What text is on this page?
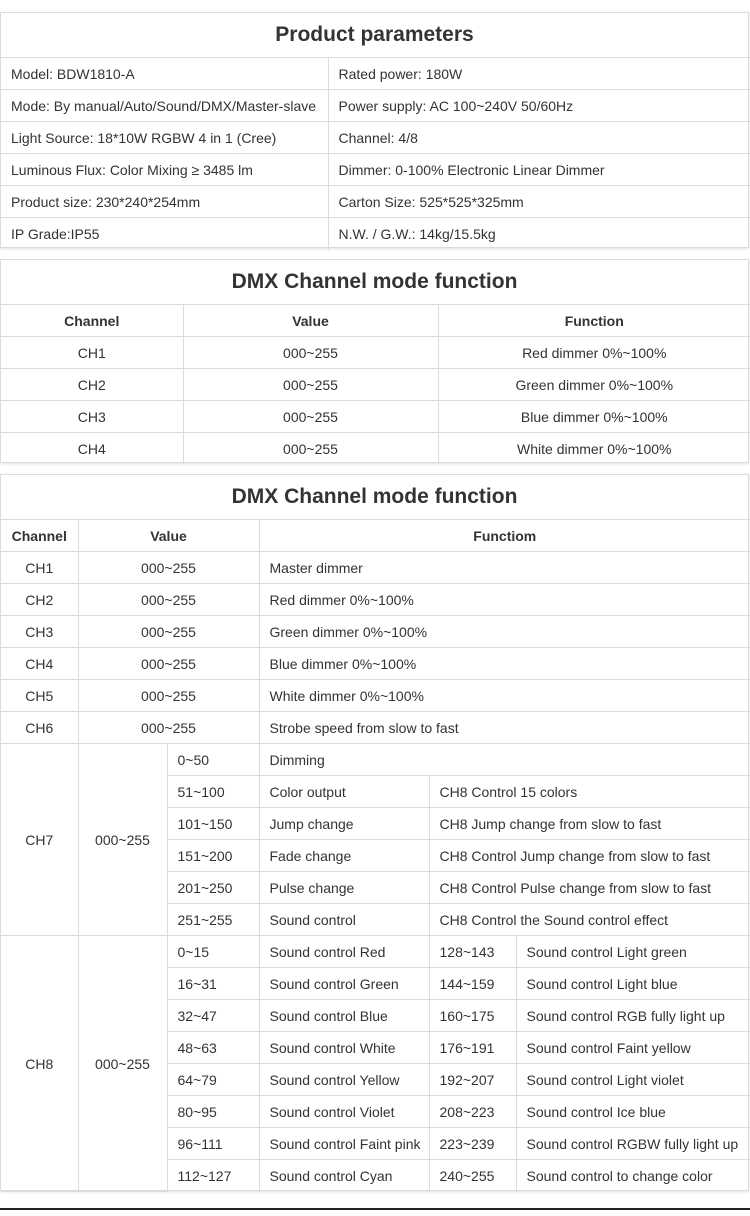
Product parameters
Model: BDW1810-A	Rated power: 180W
Mode: By manual/Auto/Sound/DMX/Master-slave	Power supply: AC 100~240V 50/60Hz
Light Source: 18*10W RGBW 4 in 1 (Cree)	Channel: 4/8
Luminous Flux: Color Mixing ≥ 3485 lm	Dimmer: 0-100% Electronic Linear Dimmer
Product size: 230*240*254mm	Carton Size: 525*525*325mm
IP Grade:IP55	N.W. / G.W.: 14kg/15.5kg
DMX Channel mode function
Channel	Value	Function
CH1	000~255	Red dimmer 0%~100%
CH2	000~255	Green dimmer 0%~100%
CH3	000~255	Blue dimmer 0%~100%
CH4	000~255	White dimmer 0%~100%
DMX Channel mode function
Channel	Value		Functiom		
CH1	000~255		Master dimmer		
CH2	000~255		Red dimmer 0%~100%		
CH3	000~255		Green dimmer 0%~100%		
CH4	000~255		Blue dimmer 0%~100%		
CH5	000~255		White dimmer 0%~100%		
CH6	000~255		Strobe speed from slow to fast		
CH7	000~255	0~50	Dimming		
		51~100	Color output	CH8 Control 15 colors	
		101~150	Jump change	CH8 Jump change from slow to fast	
		151~200	Fade change	CH8 Control Jump change from slow to fast	
		201~250	Pulse change	CH8 Control Pulse change from slow to fast	
		251~255	Sound control	CH8 Control the Sound control effect	
CH8	000~255	0~15	Sound control Red	128~143	Sound control Light green
		16~31	Sound control Green	144~159	Sound control Light blue
		32~47	Sound control Blue	160~175	Sound control RGB fully light up
		48~63	Sound control White	176~191	Sound control Faint yellow
		64~79	Sound control Yellow	192~207	Sound control Light violet
		80~95	Sound control Violet	208~223	Sound control Ice blue
		96~111	Sound control Faint pink	223~239	Sound control RGBW fully light up
		112~127	Sound control Cyan	240~255	Sound control to change color
